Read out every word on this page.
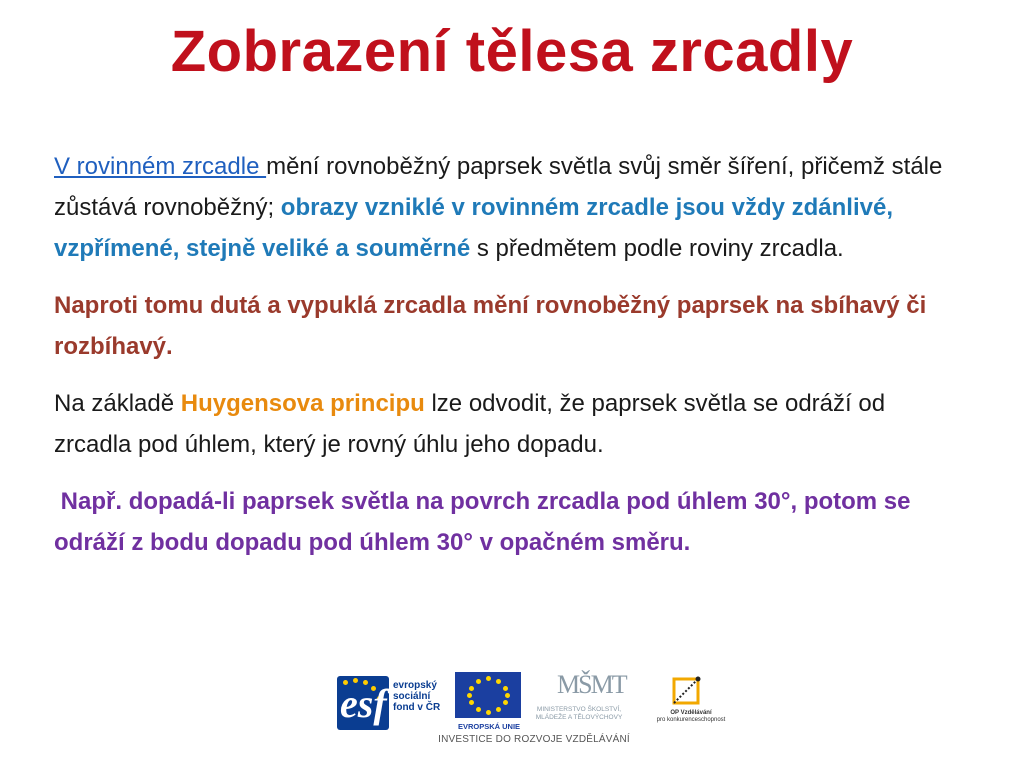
Zobrazení tělesa zrcadly

V rovinném zrcadle mění rovnoběžný paprsek světla svůj směr šíření, přičemž stále zůstává rovnoběžný; obrazy vzniklé v rovinném zrcadle jsou vždy zdánlivé, vzpřímené, stejně veliké a souměrné s předmětem podle roviny zrcadla.

Naproti tomu dutá a vypuklá zrcadla mění rovnoběžný paprsek na sbíhavý či rozbíhavý.

Na základě Huygensova principu lze odvodit, že paprsek světla se odráží od zrcadla pod úhlem, který je rovný úhlu jeho dopadu.

Např. dopadá-li paprsek světla na povrch zrcadla pod úhlem 30°, potom se odráží z bodu dopadu pod úhlem 30° v opačném směru.

esf evropský
sociální
fond v ČR
EVROPSKÁ UNIE
MŠMT
MINISTERSTVO ŠKOLSTVÍ,
MLÁDEŽE A TĚLOVÝCHOVY
OP Vzdělávání
pro konkurenceschopnost
INVESTICE DO ROZVOJE VZDĚLÁVÁNÍ
